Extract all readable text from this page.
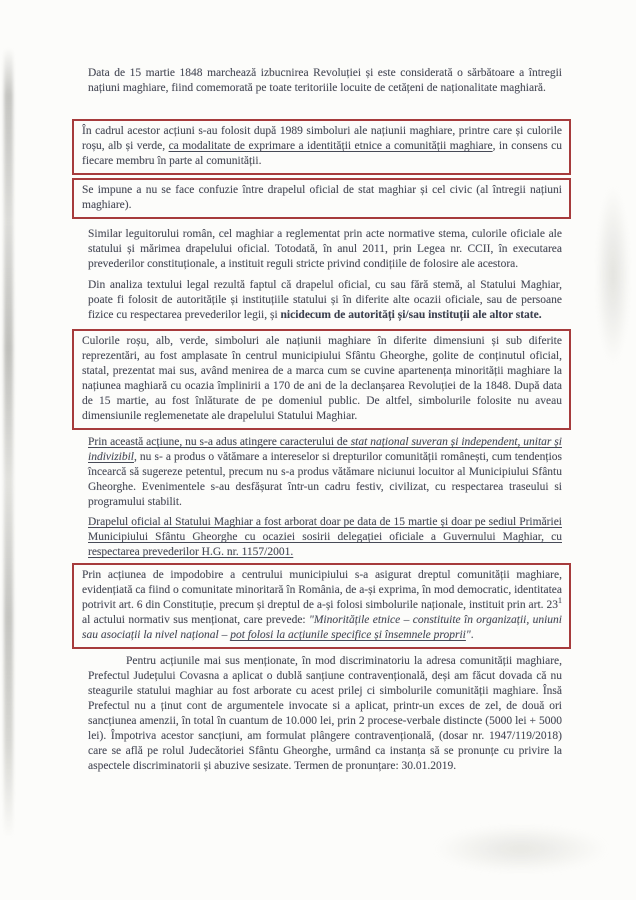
Data de 15 martie 1848 marchează izbucnirea Revoluției și este considerată o sărbătoare a întregii națiuni maghiare, fiind comemorată pe toate teritoriile locuite de cetățeni de naționalitate maghiară.

În cadrul acestor acțiuni s-au folosit după 1989 simboluri ale națiunii maghiare, printre care și culorile roșu, alb și verde, ca modalitate de exprimare a identității etnice a comunității maghiare, in consens cu fiecare membru în parte al comunității.

Se impune a nu se face confuzie între drapelul oficial de stat maghiar și cel civic (al întregii națiuni maghiare).

Similar leguitorului român, cel maghiar a reglementat prin acte normative stema, culorile oficiale ale statului și mărimea drapelului oficial. Totodată, în anul 2011, prin Legea nr. CCII, în executarea prevederilor constituționale, a instituit reguli stricte privind condițiile de folosire ale acestora.

Din analiza textului legal rezultă faptul că drapelul oficial, cu sau fără stemă, al Statului Maghiar, poate fi folosit de autoritățile și instituțiile statului și în diferite alte ocazii oficiale, sau de persoane fizice cu respectarea prevederilor legii, și nicidecum de autorități și/sau instituții ale altor state.

Culorile roșu, alb, verde, simboluri ale națiunii maghiare în diferite dimensiuni și sub diferite reprezentări, au fost amplasate în centrul municipiului Sfântu Gheorghe, golite de conținutul oficial, statal, prezentat mai sus, având menirea de a marca cum se cuvine apartenența minorității maghiare la națiunea maghiară cu ocazia împlinirii a 170 de ani de la declanșarea Revoluției de la 1848. După data de 15 martie, au fost înlăturate de pe domeniul public. De altfel, simbolurile folosite nu aveau dimensiunile reglemenetate ale drapelului Statului Maghiar.

Prin această acțiune, nu s-a adus atingere caracterului de stat național suveran și independent, unitar și indivizibil, nu s- a produs o vătămare a intereselor si drepturilor comunității românești, cum tendențios încearcă să sugereze petentul, precum nu s-a produs vătămare niciunui locuitor al Municipiului Sfântu Gheorghe. Evenimentele s-au desfășurat într-un cadru festiv, civilizat, cu respectarea traseului si programului stabilit.

Drapelul oficial al Statului Maghiar a fost arborat doar pe data de 15 martie și doar pe sediul Primăriei Municipiului Sfântu Gheorghe cu ocaziei sosirii delegației oficiale a Guvernului Maghiar, cu respectarea prevederilor H.G. nr. 1157/2001.

Prin acțiunea de impodobire a centrului municipiului s-a asigurat dreptul comunității maghiare, evidențiată ca fiind o comunitate minoritară în România, de a-și exprima, în mod democratic, identitatea potrivit art. 6 din Constituție, precum și dreptul de a-și folosi simbolurile naționale, instituit prin art. $23^1$ al actului normativ sus menționat, care prevede: "Minoritățile etnice – constituite în organizații, uniuni sau asociații la nivel național – pot folosi la acțiunile specifice și însemnele proprii".

Pentru acțiunile mai sus menționate, în mod discriminatoriu la adresa comunității maghiare, Prefectul Județului Covasna a aplicat o dublă sanțiune contravențională, deși am făcut dovada că nu steagurile statului maghiar au fost arborate cu acest prilej ci simbolurile comunității maghiare. Însă Prefectul nu a ținut cont de argumentele invocate si a aplicat, printr-un exces de zel, de două ori sancțiunea amenzii, în total în cuantum de 10.000 lei, prin 2 procese-verbale distincte (5000 lei + 5000 lei). Împotriva acestor sancțiuni, am formulat plângere contravențională, (dosar nr. 1947/119/2018) care se află pe rolul Judecătoriei Sfântu Gheorghe, urmând ca instanța să se pronunțe cu privire la aspectele discriminatorii și abuzive sesizate. Termen de pronunțare: 30.01.2019.
